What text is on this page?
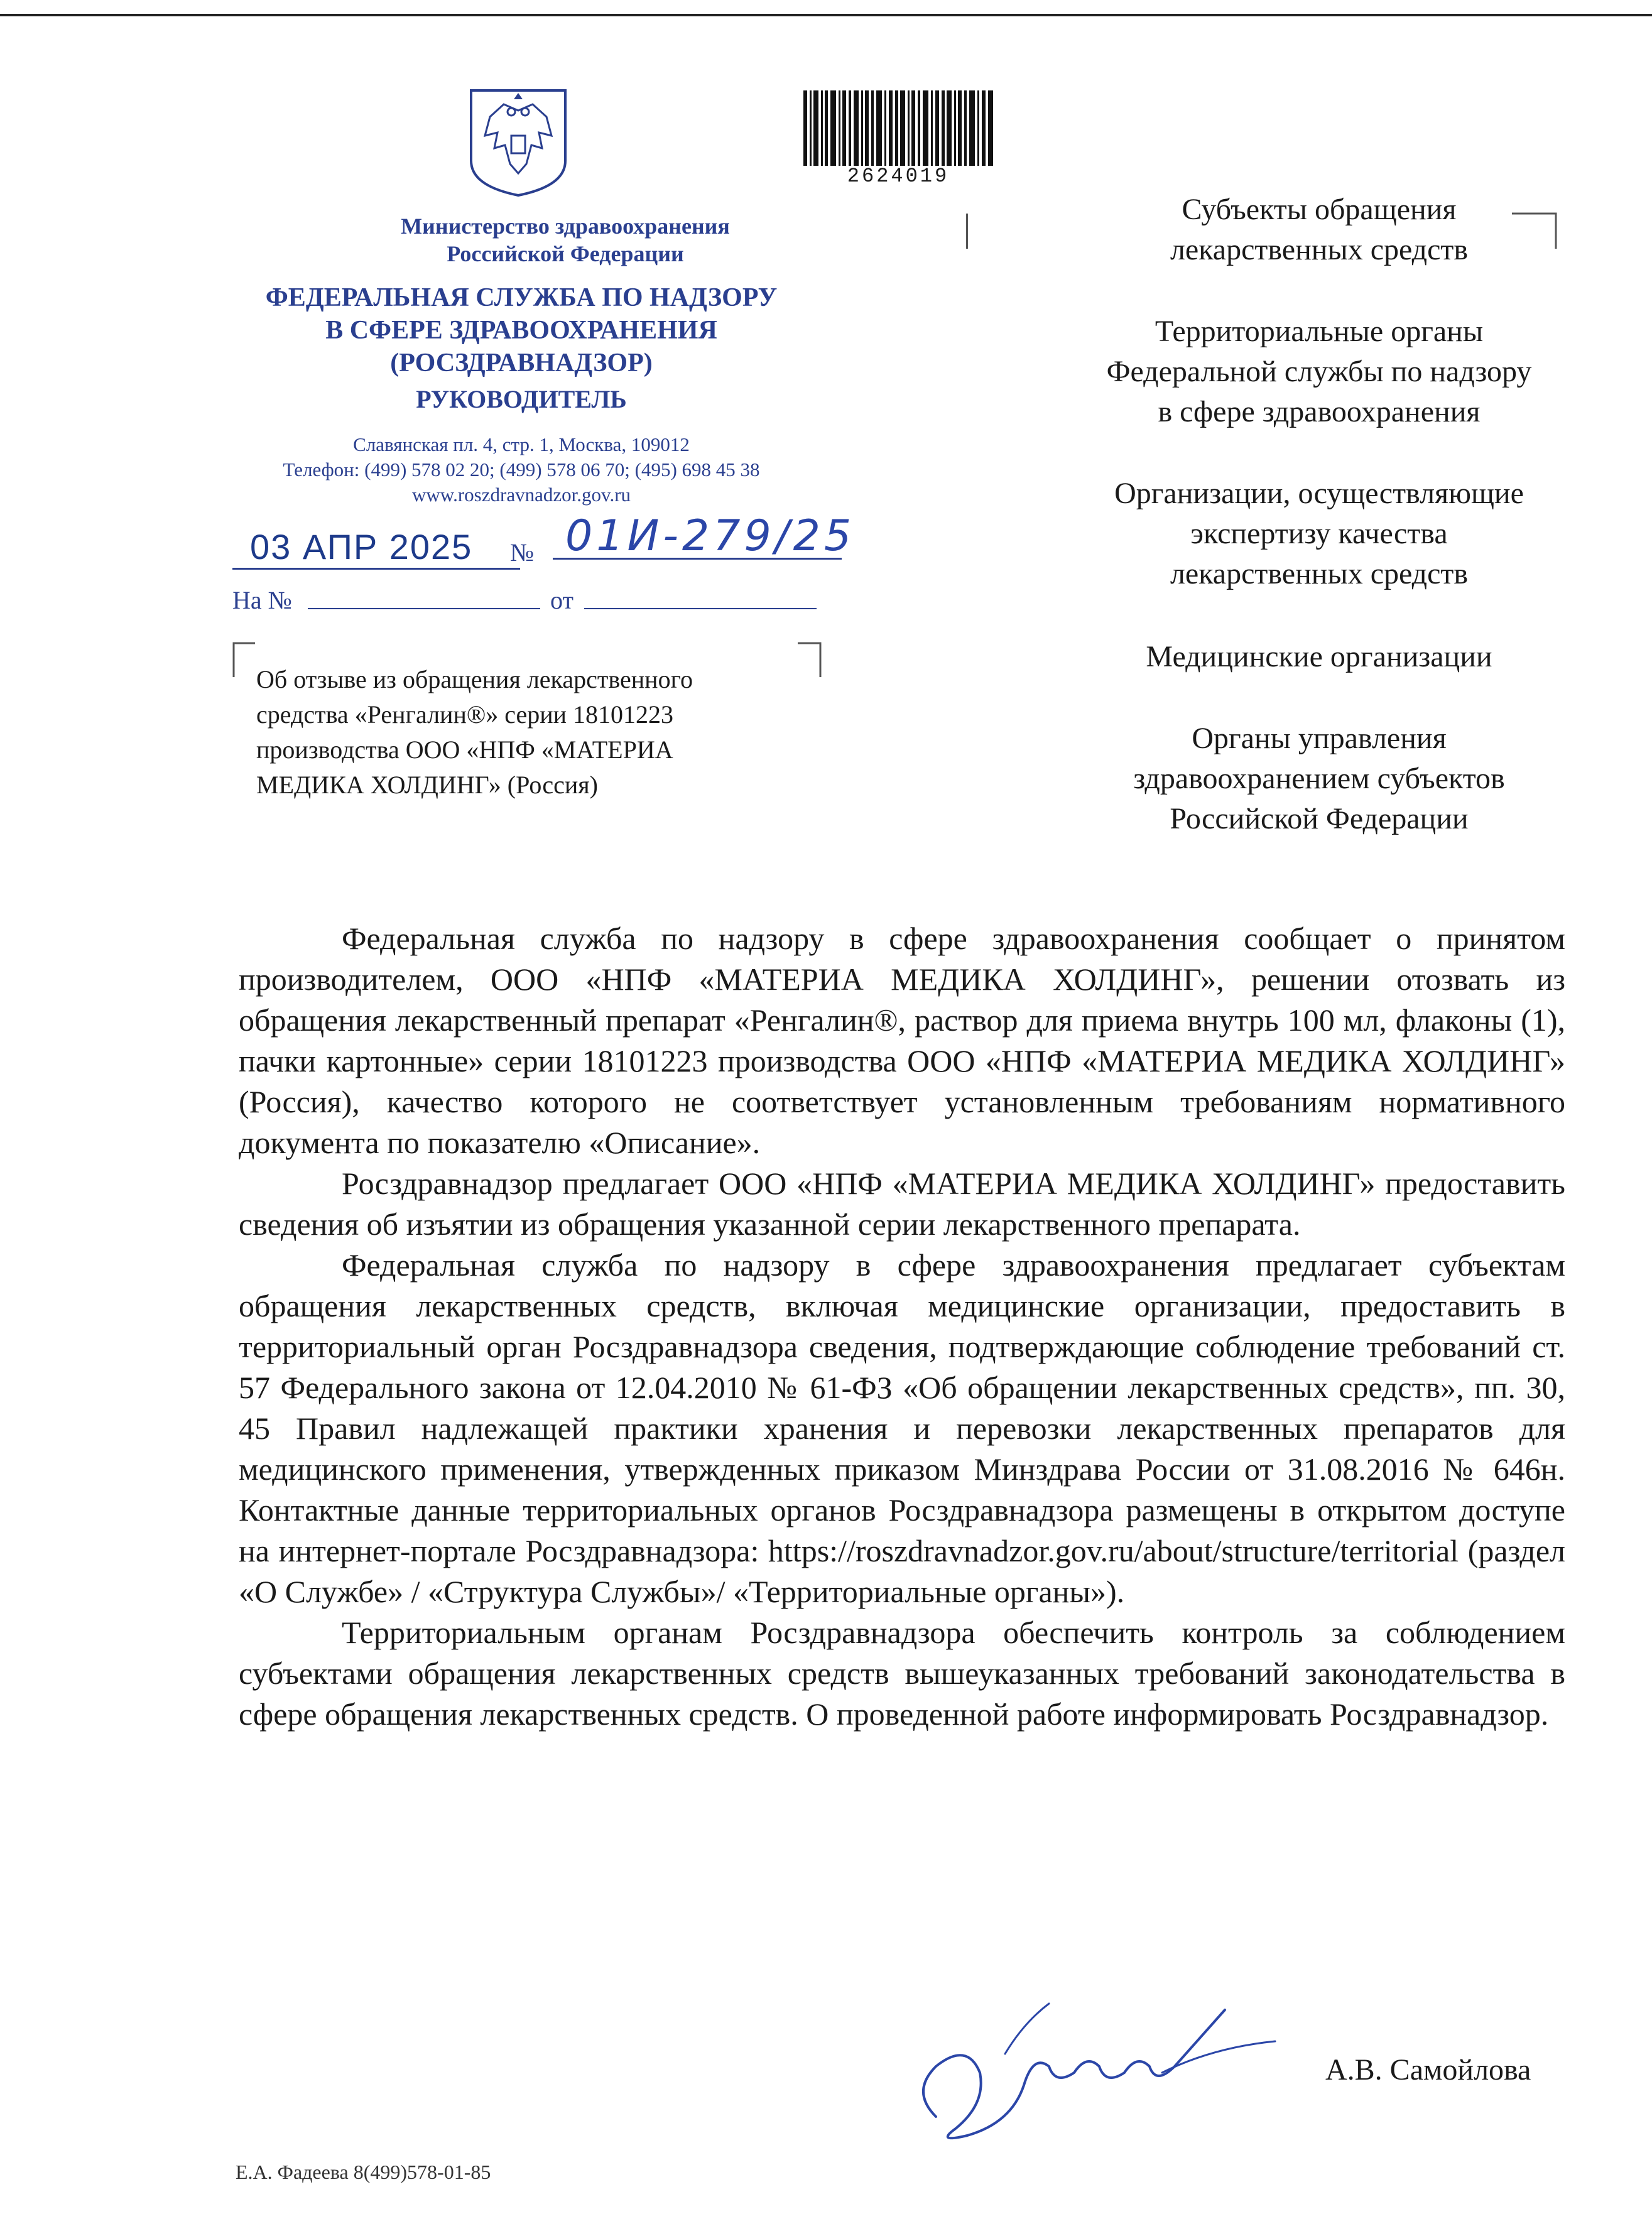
Министерство здравоохранения
Российской Федерации
ФЕДЕРАЛЬНАЯ СЛУЖБА ПО НАДЗОРУ
В СФЕРЕ ЗДРАВООХРАНЕНИЯ
(РОСЗДРАВНАДЗОР)
РУКОВОДИТЕЛЬ
Славянская пл. 4, стр. 1, Москва, 109012
Телефон: (499) 578 02 20; (499) 578 06 70; (495) 698 45 38
www.roszdravnadzor.gov.ru
03 АПР 2025	№ 01И-279/25
На №	от
Об отзыве из обращения лекарственного
средства «Ренгалин®» серии 18101223
производства ООО «НПФ «МАТЕРИА
МЕДИКА ХОЛДИНГ» (Россия)
2624019
Субъекты обращения
лекарственных средств
Территориальные органы
Федеральной службы по надзору
в сфере здравоохранения
Организации, осуществляющие
экспертизу качества
лекарственных средств
Медицинские организации
Органы управления
здравоохранением субъектов
Российской Федерации

Федеральная служба по надзору в сфере здравоохранения сообщает о принятом производителем, ООО «НПФ «МАТЕРИА МЕДИКА ХОЛДИНГ», решении отозвать из обращения лекарственный препарат «Ренгалин®, раствор для приема внутрь 100 мл, флаконы (1), пачки картонные» серии 18101223 производства ООО «НПФ «МАТЕРИА МЕДИКА ХОЛДИНГ» (Россия), качество которого не соответствует установленным требованиям нормативного документа по показателю «Описание».

Росздравнадзор предлагает ООО «НПФ «МАТЕРИА МЕДИКА ХОЛДИНГ» предоставить сведения об изъятии из обращения указанной серии лекарственного препарата.

Федеральная служба по надзору в сфере здравоохранения предлагает субъектам обращения лекарственных средств, включая медицинские организации, предоставить в территориальный орган Росздравнадзора сведения, подтверждающие соблюдение требований ст. 57 Федерального закона от 12.04.2010 № 61-ФЗ «Об обращении лекарственных средств», пп. 30, 45 Правил надлежащей практики хранения и перевозки лекарственных препаратов для медицинского применения, утвержденных приказом Минздрава России от 31.08.2016 № 646н. Контактные данные территориальных органов Росздравнадзора размещены в открытом доступе на интернет-портале Росздравнадзора: https://roszdravnadzor.gov.ru/about/structure/territorial (раздел «О Службе» / «Структура Службы»/ «Территориальные органы»).

Территориальным органам Росздравнадзора обеспечить контроль за соблюдением субъектами обращения лекарственных средств вышеуказанных требований законодательства в сфере обращения лекарственных средств. О проведенной работе информировать Росздравнадзор.

А.В. Самойлова
Е.А. Фадеева 8(499)578-01-85
